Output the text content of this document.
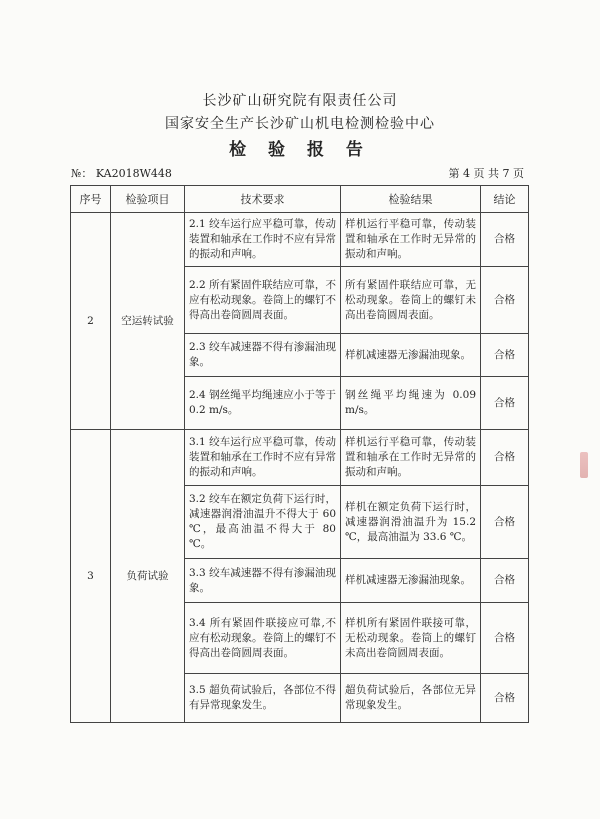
长沙矿山研究院有限责任公司
国家安全生产长沙矿山机电检测检验中心
检 验 报 告
№： KA2018W448	第 4 页 共 7 页
序号	检验项目	技术要求	检验结果	结论
2	空运转试验	2.1 绞车运行应平稳可靠，传动装置和轴承在工作时不应有异常的振动和声响。	样机运行平稳可靠，传动装置和轴承在工作时无异常的振动和声响。	合格
		2.2 所有紧固件联结应可靠，不应有松动现象。卷筒上的螺钉不得高出卷筒圆周表面。	所有紧固件联结应可靠，无松动现象。卷筒上的螺钉未高出卷筒圆周表面。	合格
		2.3 绞车减速器不得有渗漏油现象。	样机减速器无渗漏油现象。	合格
		2.4 钢丝绳平均绳速应小于等于 0.2 m/s。	钢丝绳平均绳速为 0.09 m/s。	合格
3	负荷试验	3.1 绞车运行应平稳可靠，传动装置和轴承在工作时不应有异常的振动和声响。	样机运行平稳可靠，传动装置和轴承在工作时无异常的振动和声响。	合格
		3.2 绞车在额定负荷下运行时，减速器润滑油温升不得大于 60 ℃，最高油温不得大于 80 ℃。	样机在额定负荷下运行时，减速器润滑油温升为 15.2 ℃，最高油温为 33.6 ℃。	合格
		3.3 绞车减速器不得有渗漏油现象。	样机减速器无渗漏油现象。	合格
		3.4 所有紧固件联接应可靠,不应有松动现象。卷筒上的螺钉不得高出卷筒圆周表面。	样机所有紧固件联接可靠，无松动现象。卷筒上的螺钉未高出卷筒圆周表面。	合格
		3.5 超负荷试验后，各部位不得有异常现象发生。	超负荷试验后，各部位无异常现象发生。	合格
